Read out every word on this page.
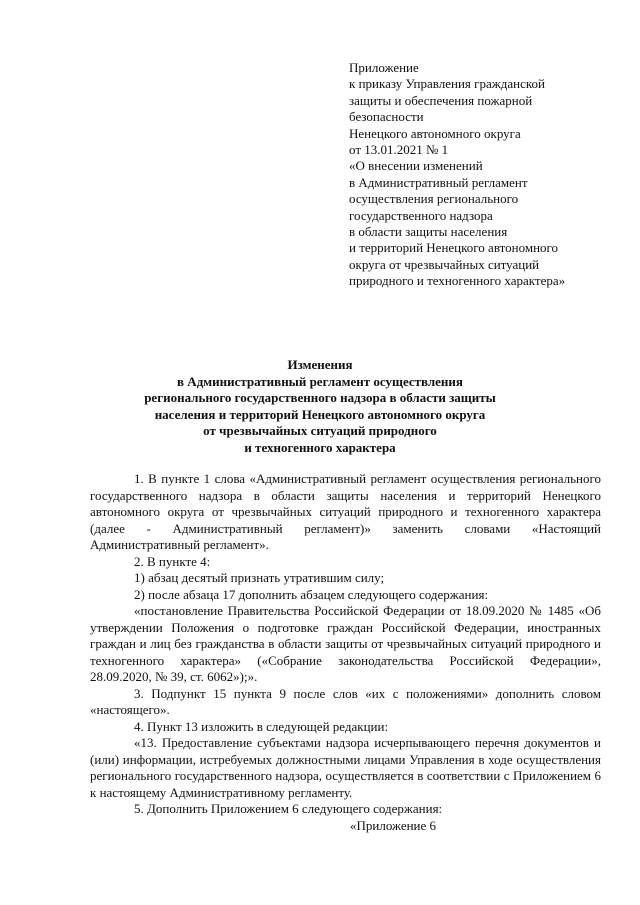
Приложение
к приказу Управления гражданской
защиты и обеспечения пожарной
безопасности
Ненецкого автономного округа
от 13.01.2021 № 1
«О внесении изменений
в Административный регламент
осуществления регионального
государственного надзора
в области защиты населения
и территорий Ненецкого автономного
округа от чрезвычайных ситуаций
природного и техногенного характера»
Изменения
в Административный регламент осуществления
регионального государственного надзора в области защиты
населения и территорий Ненецкого автономного округа
от чрезвычайных ситуаций природного
и техногенного характера

1. В пункте 1 слова «Административный регламент осуществления регионального государственного надзора в области защиты населения и территорий Ненецкого автономного округа от чрезвычайных ситуаций природного и техногенного характера (далее - Административный регламент)» заменить словами «Настоящий Административный регламент».

2. В пункте 4:

1) абзац десятый признать утратившим силу;

2) после абзаца 17 дополнить абзацем следующего содержания:

«постановление Правительства Российской Федерации от 18.09.2020 № 1485 «Об утверждении Положения о подготовке граждан Российской Федерации, иностранных граждан и лиц без гражданства в области защиты от чрезвычайных ситуаций природного и техногенного характера» («Собрание законодательства Российской Федерации», 28.09.2020, № 39, ст. 6062»);».

3. Подпункт 15 пункта 9 после слов «их с положениями» дополнить словом «настоящего».

4. Пункт 13 изложить в следующей редакции:

«13. Предоставление субъектами надзора исчерпывающего перечня документов и (или) информации, истребуемых должностными лицами Управления в ходе осуществления регионального государственного надзора, осуществляется в соответствии с Приложением 6 к настоящему Административному регламенту.

5. Дополнить Приложением 6 следующего содержания:

«Приложение 6
